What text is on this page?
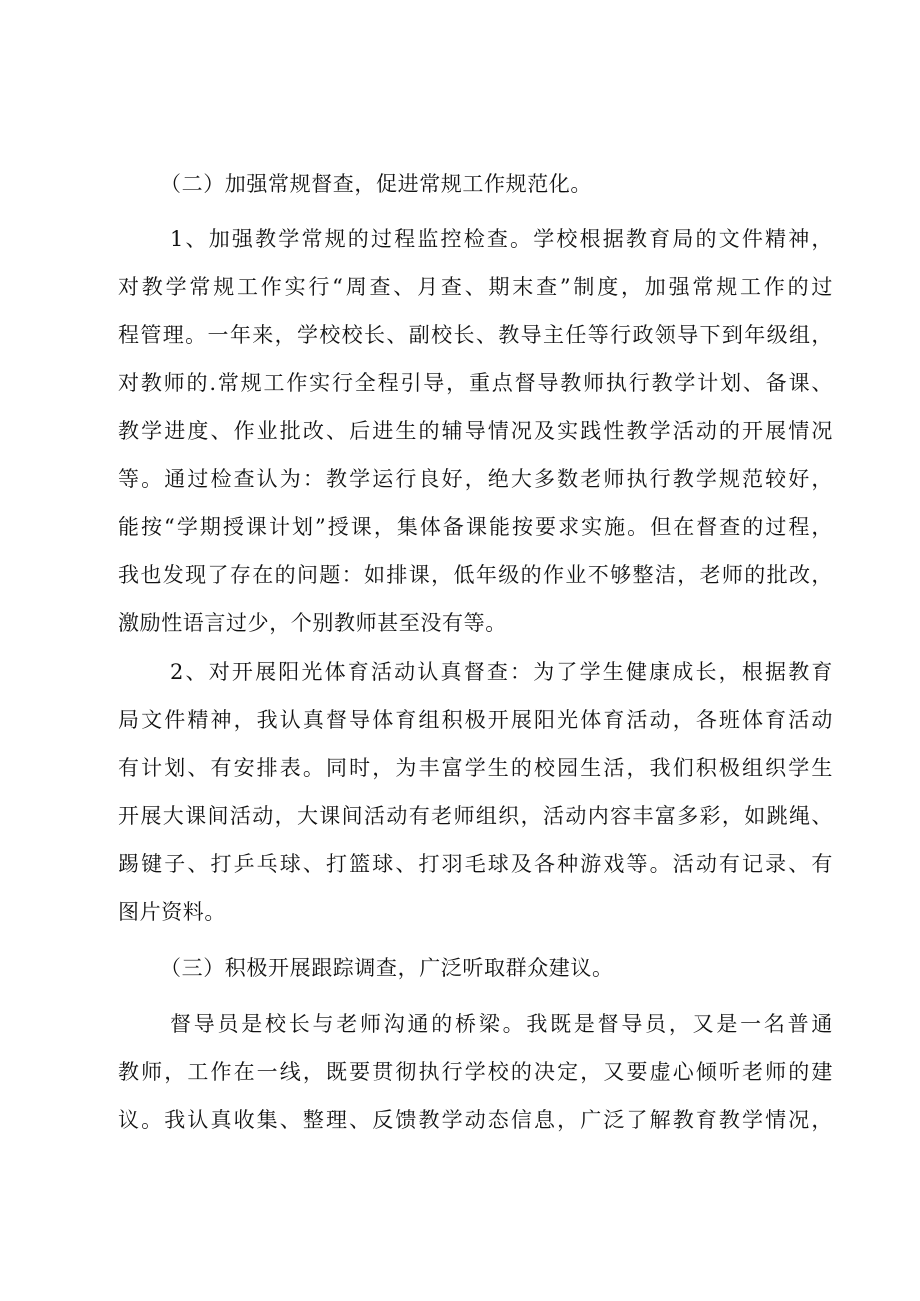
（二）加强常规督查，促进常规工作规范化。
1、加强教学常规的过程监控检查。学校根据教育局的文件精神，
对教学常规工作实行“周查、月查、期末查”制度，加强常规工作的过
程管理。一年来，学校校长、副校长、教导主任等行政领导下到年级组，
对教师的.常规工作实行全程引导，重点督导教师执行教学计划、备课、
教学进度、作业批改、后进生的辅导情况及实践性教学活动的开展情况
等。通过检查认为：教学运行良好，绝大多数老师执行教学规范较好，
能按“学期授课计划”授课，集体备课能按要求实施。但在督查的过程，
我也发现了存在的问题：如排课，低年级的作业不够整洁，老师的批改，
激励性语言过少，个别教师甚至没有等。
2、对开展阳光体育活动认真督查：为了学生健康成长，根据教育
局文件精神，我认真督导体育组积极开展阳光体育活动，各班体育活动
有计划、有安排表。同时，为丰富学生的校园生活，我们积极组织学生
开展大课间活动，大课间活动有老师组织，活动内容丰富多彩，如跳绳、
踢键子、打乒乓球、打篮球、打羽毛球及各种游戏等。活动有记录、有
图片资料。
（三）积极开展跟踪调查，广泛听取群众建议。
督导员是校长与老师沟通的桥梁。我既是督导员，又是一名普通
教师，工作在一线，既要贯彻执行学校的决定，又要虚心倾听老师的建
议。我认真收集、整理、反馈教学动态信息，广泛了解教育教学情况，
